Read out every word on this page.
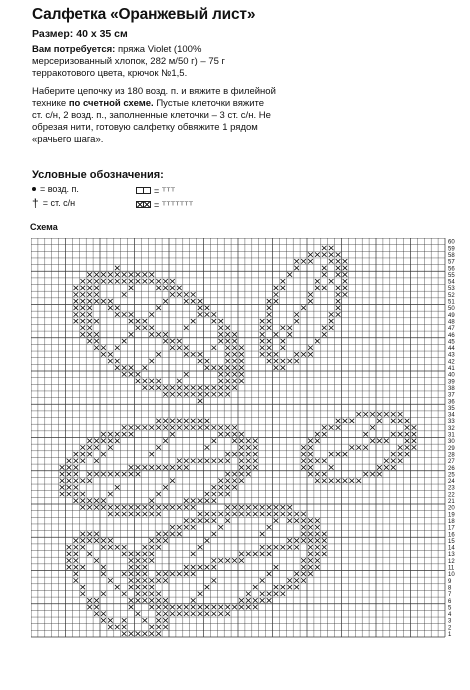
Салфетка «Оранжевый лист»
Размер: 40 x 35 см
Вам потребуется: пряжа Violet (100% мерсеризованный хлопок, 282 м/50 г) – 75 г терракотового цвета, крючок №1,5.
Наберите цепочку из 180 возд. п. и вяжите в филейной технике по счетной схеме. Пустые клеточки вяжите ст. с/н, 2 возд. п., заполненные клеточки – 3 ст. с/н. Не обрезая нити, готовую салфетку обвяжите 1 рядом «рачьего шага».
Условные обозначения:
= возд. п.
† = ст. с/н
= ⸆⸆⸆
= ⸆⸆⸆⸆⸆⸆⸆
Схема
60
59
58
57
56
55
54
53
52
51
50
49
48
47
46
45
44
43
42
41
40
39
38
37
36
35
34
33
32
31
30
29
28
27
26
25
24
23
22
21
20
19
18
17
16
15
14
13
12
11
10
9
8
7
6
5
4
3
2
1
